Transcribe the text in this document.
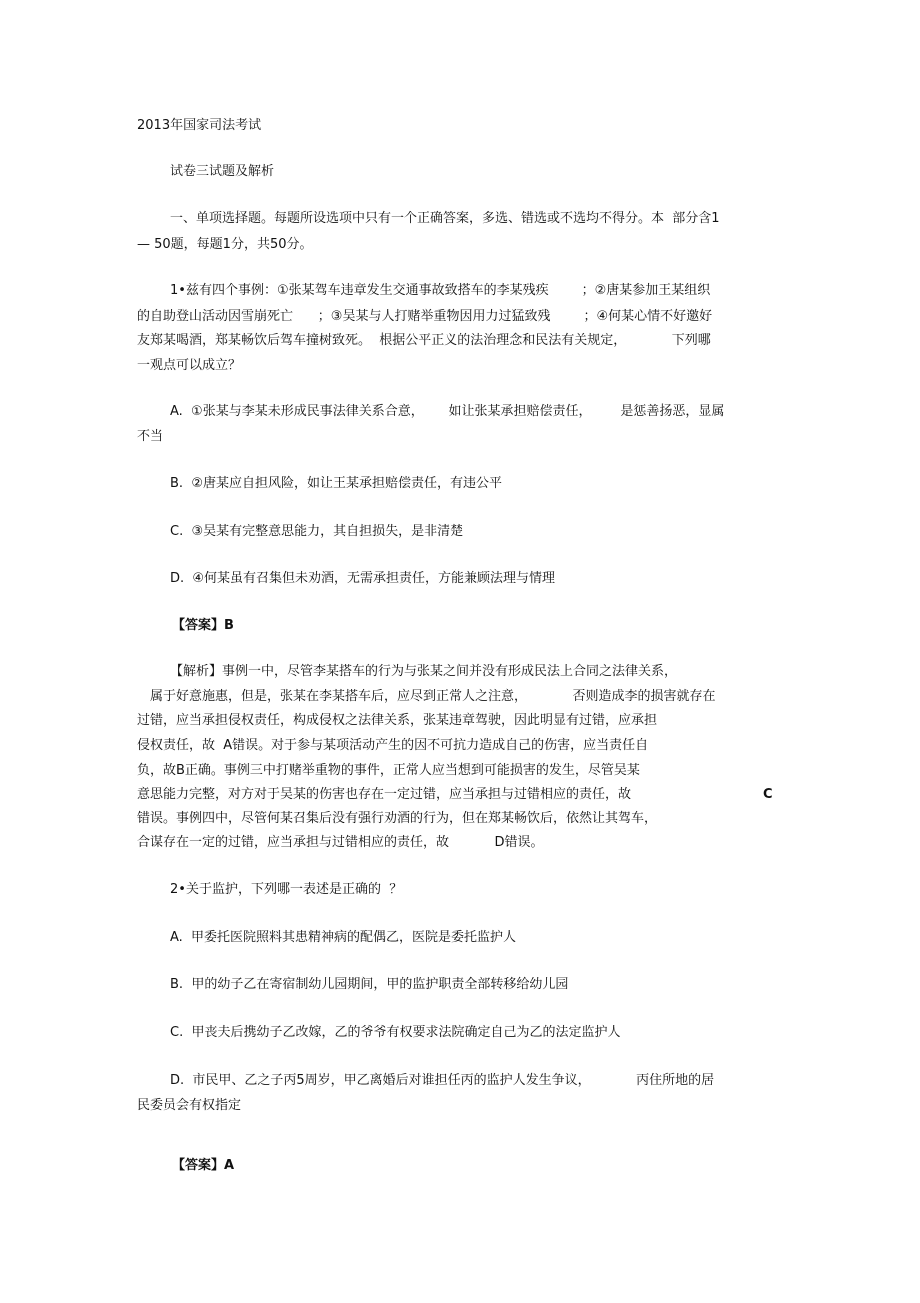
2013年国家司法考试
试卷三试题及解析
一、单项选择题。每题所设选项中只有一个正确答案，多选、错选或不选均不得分。本  部分含1
— 50题，每题1分，共50分。
1•兹有四个事例：①张某驾车违章发生交通事故致搭车的李某残疾        ；②唐某参加王某组织
的自助登山活动因雪崩死亡      ；③吴某与人打赌举重物因用力过猛致残        ；④何某心情不好邀好
友郑某喝酒，郑某畅饮后驾车撞树致死。  根据公平正义的法治理念和民法有关规定，           下列哪
一观点可以成立？
A.  ①张某与李某未形成民事法律关系合意，      如让张某承担赔偿责任，       是惩善扬恶，显属
不当
B.  ②唐某应自担风险，如让王某承担赔偿责任，有违公平
C.  ③吴某有完整意思能力，其自担损失，是非清楚
D.  ④何某虽有召集但未劝酒，无需承担责任，方能兼顾法理与情理
【答案】B
【解析】事例一中，尽管李某搭车的行为与张某之间并没有形成民法上合同之法律关系，
属于好意施惠，但是，张某在李某搭车后，应尽到正常人之注意，           否则造成李的损害就存在
过错，应当承担侵权责任，构成侵权之法律关系，张某违章驾驶，因此明显有过错，应承担
侵权责任，故  A错误。对于参与某项活动产生的因不可抗力造成自己的伤害，应当责任自
负，故B正确。事例三中打赌举重物的事件，正常人应当想到可能损害的发生，尽管吴某
意思能力完整，对方对于吴某的伤害也存在一定过错，应当承担与过错相应的责任，故	C
错误。事例四中，尽管何某召集后没有强行劝酒的行为，但在郑某畅饮后，依然让其驾车，
合谋存在一定的过错，应当承担与过错相应的责任，故           D错误。
2•关于监护，下列哪一表述是正确的  ？
A.  甲委托医院照料其患精神病的配偶乙，医院是委托监护人
B.  甲的幼子乙在寄宿制幼儿园期间，甲的监护职责全部转移给幼儿园
C.  甲丧夫后携幼子乙改嫁，乙的爷爷有权要求法院确定自己为乙的法定监护人
D.  市民甲、乙之子丙5周岁，甲乙离婚后对谁担任丙的监护人发生争议，           丙住所地的居
民委员会有权指定
【答案】A
